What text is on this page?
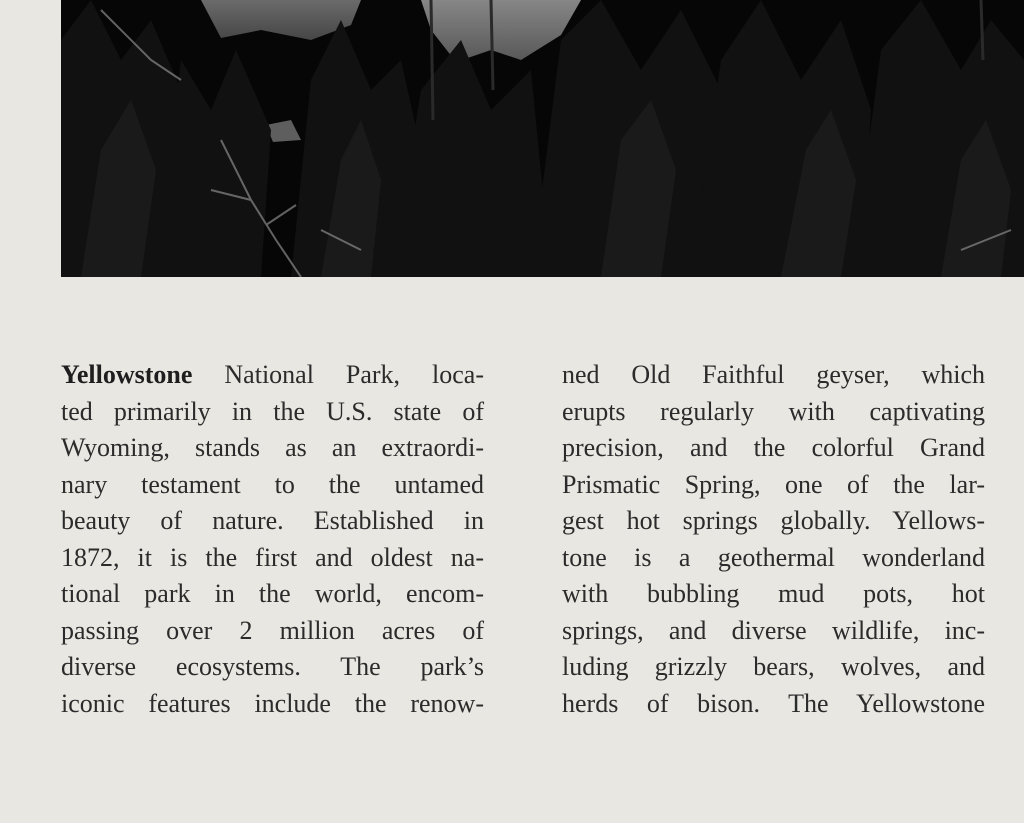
Yellowstone National Park, loca-
ted primarily in the U.S. state of
Wyoming, stands as an extraordi-
nary testament to the untamed
beauty of nature. Established in
1872, it is the first and oldest na-
tional park in the world, encom-
passing over 2 million acres of
diverse ecosystems. The park’s
iconic features include the renow-
ned Old Faithful geyser, which
erupts regularly with captivating
precision, and the colorful Grand
Prismatic Spring, one of the lar-
gest hot springs globally. Yellows-
tone is a geothermal wonderland
with bubbling mud pots, hot
springs, and diverse wildlife, inc-
luding grizzly bears, wolves, and
herds of bison. The Yellowstone
